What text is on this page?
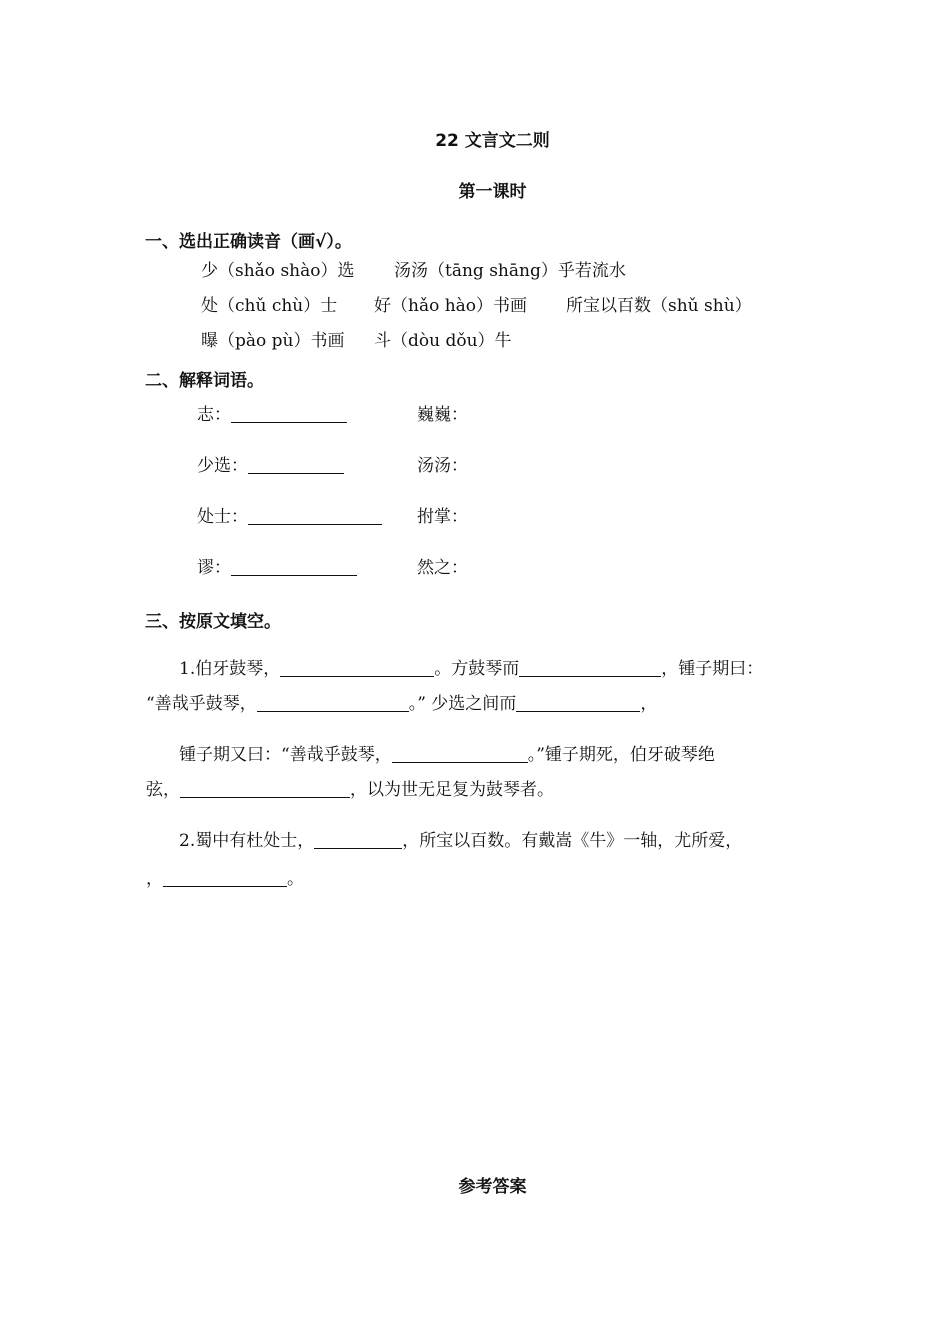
22 文言文二则
第一课时
一、选出正确读音（画√）。
少（shǎo shào）选 汤汤（tāng shāng）乎若流水
处（chǔ chù）士 好（hǎo hào）书画 所宝以百数（shǔ shù）
曝（pào pù）书画 斗（dòu dǒu）牛
二、解释词语。
志：	巍巍：
少选：	汤汤：
处士：	拊掌：
谬：	然之：
三、按原文填空。
1.伯牙鼓琴，	。方鼓琴而	，锺子期曰：
“善哉乎鼓琴，	。” 少选之间而	，
锺子期又曰：“善哉乎鼓琴，	。”锺子期死，伯牙破琴绝
弦，	，以为世无足复为鼓琴者。
2.蜀中有杜处士，	，所宝以百数。有戴嵩《牛》一轴，尤所爱，
，	。
参考答案
